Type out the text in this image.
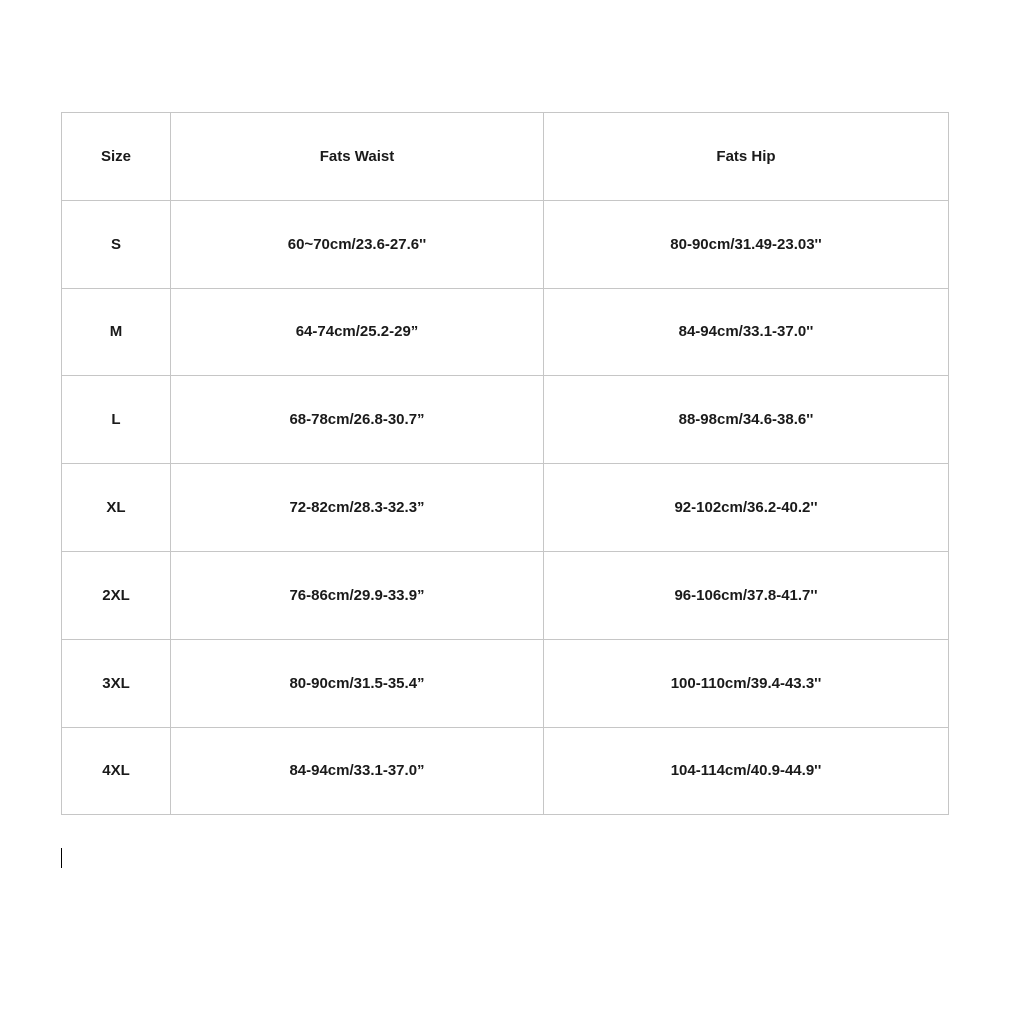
Size	Fats Waist	Fats Hip
S	60~70cm/23.6-27.6''	80-90cm/31.49-23.03''
M	64-74cm/25.2-29”	84-94cm/33.1-37.0''
L	68-78cm/26.8-30.7”	88-98cm/34.6-38.6''
XL	72-82cm/28.3-32.3”	92-102cm/36.2-40.2''
2XL	76-86cm/29.9-33.9”	96-106cm/37.8-41.7''
3XL	80-90cm/31.5-35.4”	100-110cm/39.4-43.3''
4XL	84-94cm/33.1-37.0”	104-114cm/40.9-44.9''
